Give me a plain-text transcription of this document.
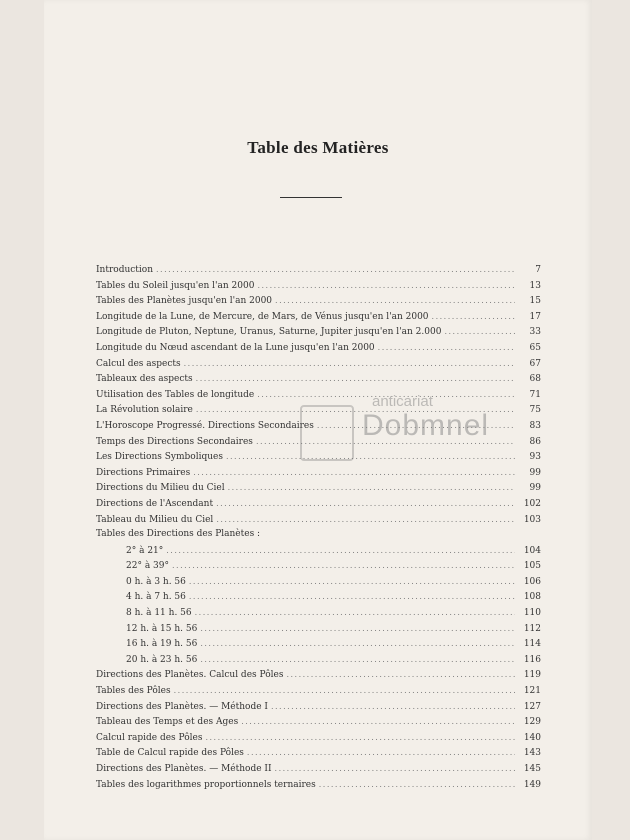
Table des Matières
Introduction .....	7
Tables du Soleil jusqu'en l'an 2000 .....	13
Tables des Planètes jusqu'en l'an 2000 .....	15
Longitude de la Lune, de Mercure, de Mars, de Vénus jusqu'en l'an 2000 .....	17
Longitude de Pluton, Neptune, Uranus, Saturne, Jupiter jusqu'en l'an 2.000 .....	33
Longitude du Nœud ascendant de la Lune jusqu'en l'an 2000 .....	65
Calcul des aspects .....	67
Tableaux des aspects .....	68
Utilisation des Tables de longitude .....	71
La Révolution solaire .....	75
L'Horoscope Progressé. Directions Secondaires .....	83
Temps des Directions Secondaires .....	86
Les Directions Symboliques .....	93
Directions Primaires .....	99
Directions du Milieu du Ciel .....	99
Directions de l'Ascendant .....	102
Tableau du Milieu du Ciel .....	103
Tables des Directions des Planètes :
2° à 21° .....	104
22° à 39° .....	105
0 h. à 3 h. 56 .....	106
4 h. à 7 h. 56 .....	108
8 h. à 11 h. 56 .....	110
12 h. à 15 h. 56 .....	112
16 h. à 19 h. 56 .....	114
20 h. à 23 h. 56 .....	116
Directions des Planètes. Calcul des Pôles .....	119
Tables des Pôles .....	121
Directions des Planètes. — Méthode I .....	127
Tableau des Temps et des Ages .....	129
Calcul rapide des Pôles .....	140
Table de Calcul rapide des Pôles .....	143
Directions des Planètes. — Méthode II .....	145
Tables des logarithmes proportionnels ternaires .....	149
anticariat
Dobmnel
